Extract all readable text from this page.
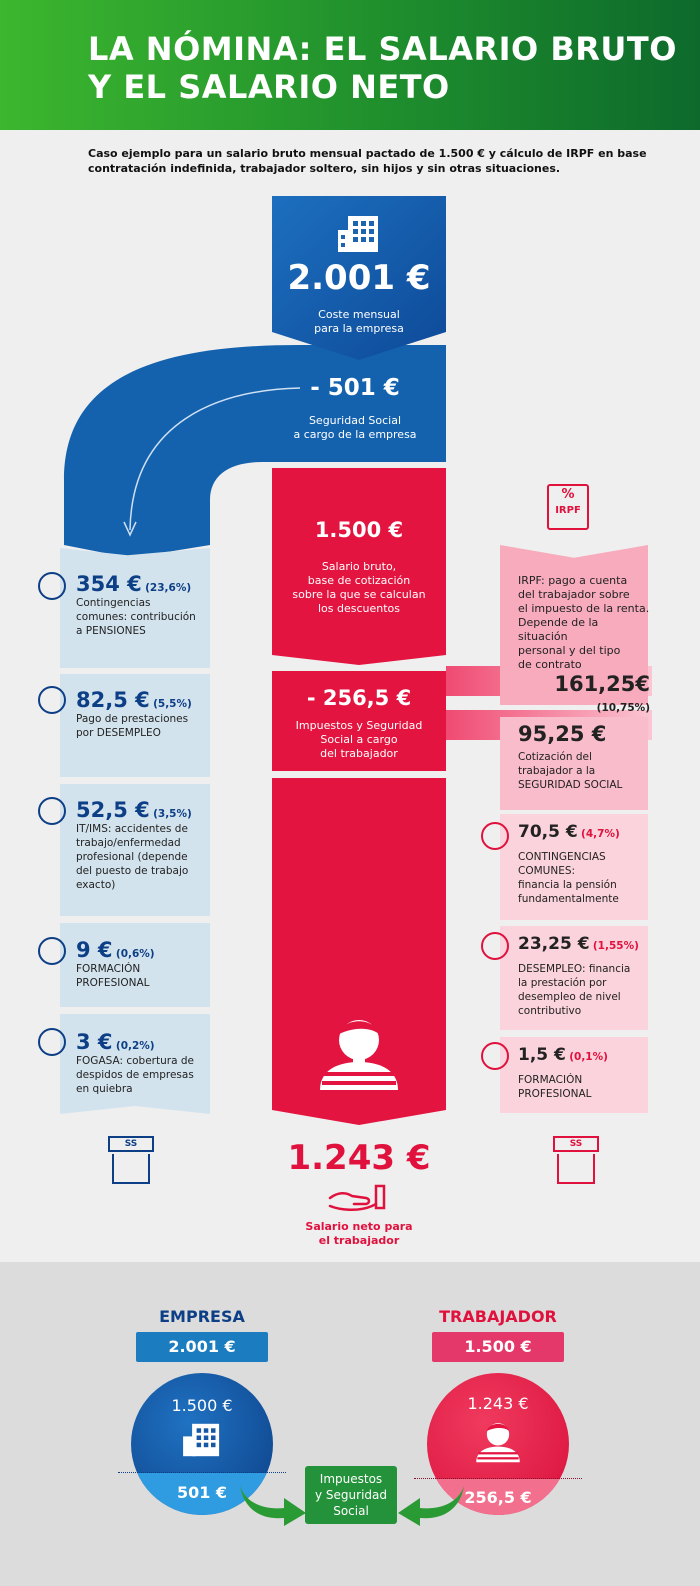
LA NÓMINA: EL SALARIO BRUTO
Y EL SALARIO NETO
Caso ejemplo para un salario bruto mensual pactado de 1.500 € y cálculo de IRPF en base contratación indefinida, trabajador soltero, sin hijos y sin otras situaciones.
2.001 €
Coste mensual
para la empresa
- 501 €
Seguridad Social
a cargo de la empresa
1.500 €
Salario bruto,
base de cotización
sobre la que se calculan
los descuentos
- 256,5 €
Impuestos y Seguridad
Social a cargo
del trabajador
1.243 €
Salario neto para
el trabajador
354 € (23,6%)
Contingencias
comunes: contribución
a PENSIONES
82,5 € (5,5%)
Pago de prestaciones
por DESEMPLEO
52,5 € (3,5%)
IT/IMS: accidentes de
trabajo/enfermedad
profesional (depende
del puesto de trabajo
exacto)
9 € (0,6%)
FORMACIÓN
PROFESIONAL
3 € (0,2%)
FOGASA: cobertura de
despidos de empresas
en quiebra
SS
%
IRPF
IRPF: pago a cuenta
del trabajador sobre
el impuesto de la renta.
Depende de la situación
personal y del tipo
de contrato
161,25€ (10,75%)
95,25 €
Cotización del
trabajador a la
SEGURIDAD SOCIAL
70,5 € (4,7%)
CONTINGENCIAS
COMUNES:
financia la pensión
fundamentalmente
23,25 € (1,55%)
DESEMPLEO: financia
la prestación por
desempleo de nivel
contributivo
1,5 € (0,1%)
FORMACIÓN
PROFESIONAL
SS
EMPRESA
2.001 €
1.500 €
501 €
TRABAJADOR
1.500 €
1.243 €
256,5 €
Impuestos
y Seguridad
Social
